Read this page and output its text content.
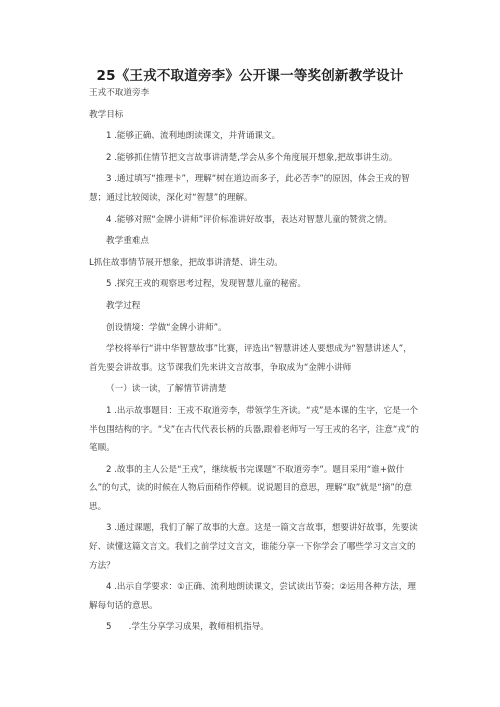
25《王戎不取道旁李》公开课一等奖创新教学设计

王戎不取道旁李

教学目标

1 .能够正确、流利地朗读课文，并背诵课文。

2 .能够抓住情节把文言故事讲清楚,学会从多个角度展开想象,把故事讲生动。

3 .通过填写“推理卡”，理解“树在道边而多子，此必苦李”的原因，体会王戎的智慧；通过比较阅读，深化对“智慧”的理解。

4 .能够对照“金牌小讲师”评价标准讲好故事，表达对智慧儿童的赞赏之情。

教学重难点

L抓住故事情节展开想象，把故事讲清楚、讲生动。

5 .探究王戎的观察思考过程，发现智慧儿童的秘密。

教学过程

创设情境：学做“金牌小讲师”。

学校将举行“讲中华智慧故事”比赛，评选出“智慧讲述人要想成为“智慧讲述人”，首先要会讲故事。这节课我们先来讲文言故事，争取成为“金牌小讲师

（一）读一读，了解情节讲清楚

1 .出示故事题目：王戎不取道旁李，带领学生齐读。“戎”是本课的生字，它是一个半包围结构的字。“戈”在古代代表长柄的兵器,跟着老师写一写王戎的名字，注意“戎”的笔顺。

2 .故事的主人公是“王戎”，继续板书完课题“不取道旁李”。题目采用“谁+做什么”的句式，读的时候在人物后面稍作停顿。说说题目的意思，理解“取”就是“摘”的意思。

3 .通过课题，我们了解了故事的大意。这是一篇文言故事，想要讲好故事，先要读好、读懂这篇文言文。我们之前学过文言文，谁能分享一下你学会了哪些学习文言文的方法？

4 .出示自学要求：①正确、流利地朗读课文，尝试读出节奏；②运用各种方法，理解每句话的意思。

5　　.学生分享学习成果，教师相机指导。
